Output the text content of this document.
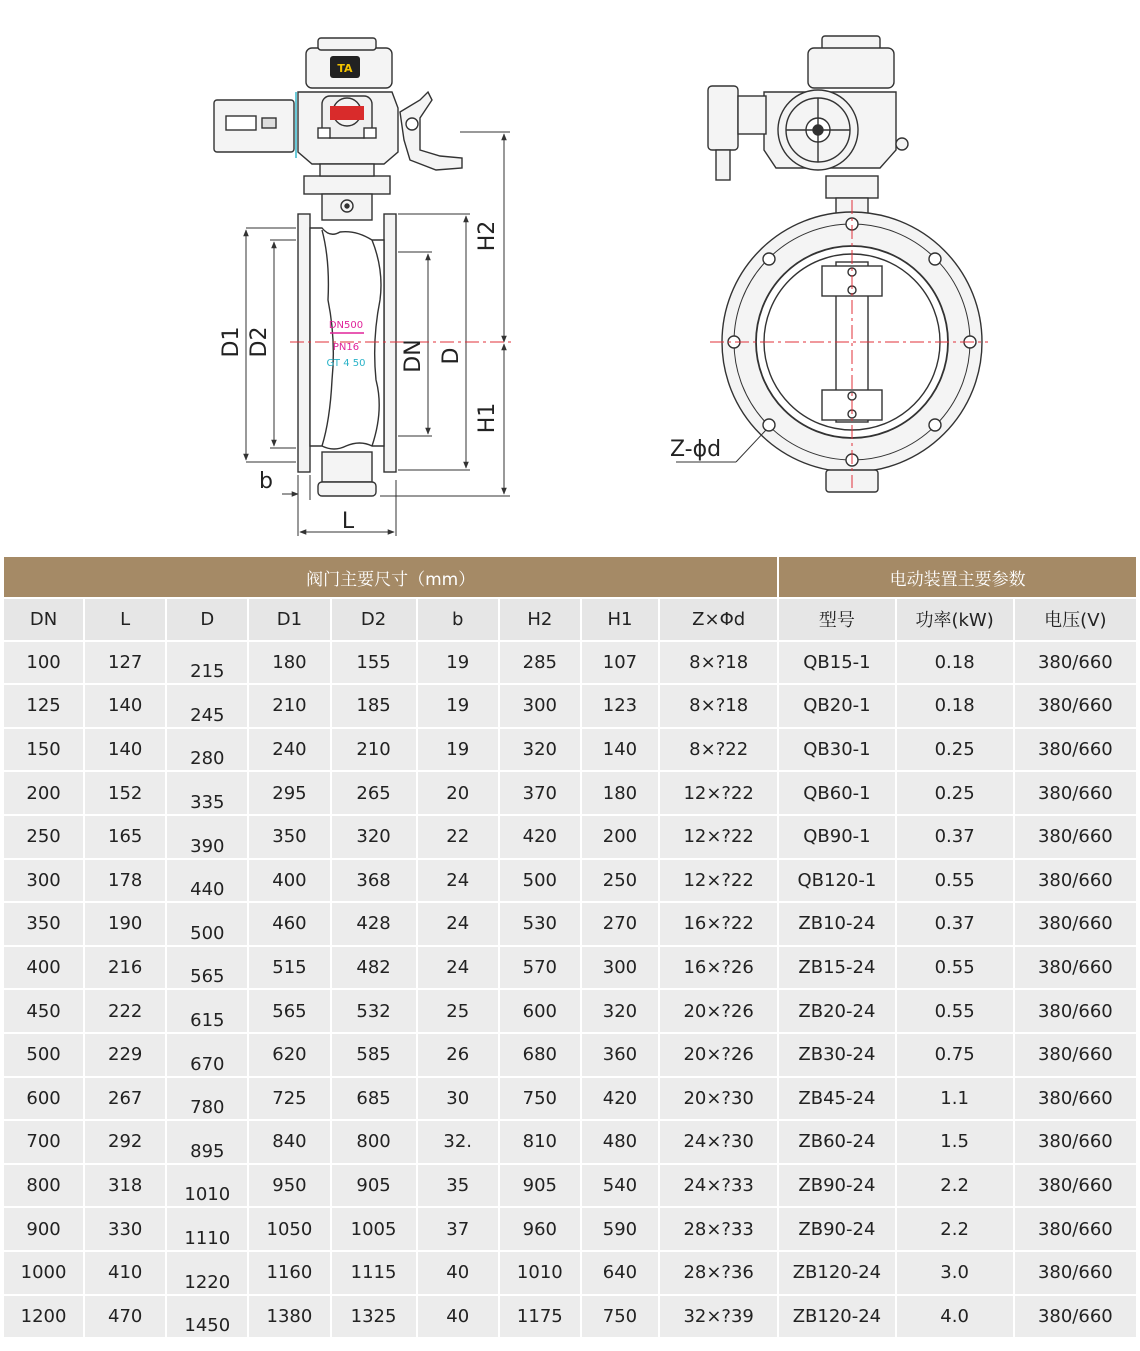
TA
D1 D2	DN D
H2
H1
b
L
DN500
PN16
GT 4 50
Z-ϕd
阀门主要尺寸（mm）									电动装置主要参数		
DN	L	D	D1	D2	b	H2	H1	Z×Φd	型号	功率(kW)	电压(V)
100	127	215	180	155	19	285	107	8×?18	QB15-1	0.18	380/660
125	140	245	210	185	19	300	123	8×?18	QB20-1	0.18	380/660
150	140	280	240	210	19	320	140	8×?22	QB30-1	0.25	380/660
200	152	335	295	265	20	370	180	12×?22	QB60-1	0.25	380/660
250	165	390	350	320	22	420	200	12×?22	QB90-1	0.37	380/660
300	178	440	400	368	24	500	250	12×?22	QB120-1	0.55	380/660
350	190	500	460	428	24	530	270	16×?22	ZB10-24	0.37	380/660
400	216	565	515	482	24	570	300	16×?26	ZB15-24	0.55	380/660
450	222	615	565	532	25	600	320	20×?26	ZB20-24	0.55	380/660
500	229	670	620	585	26	680	360	20×?26	ZB30-24	0.75	380/660
600	267	780	725	685	30	750	420	20×?30	ZB45-24	1.1	380/660
700	292	895	840	800	32.	810	480	24×?30	ZB60-24	1.5	380/660
800	318	1010	950	905	35	905	540	24×?33	ZB90-24	2.2	380/660
900	330	1110	1050	1005	37	960	590	28×?33	ZB90-24	2.2	380/660
1000	410	1220	1160	1115	40	1010	640	28×?36	ZB120-24	3.0	380/660
1200	470	1450	1380	1325	40	1175	750	32×?39	ZB120-24	4.0	380/660
